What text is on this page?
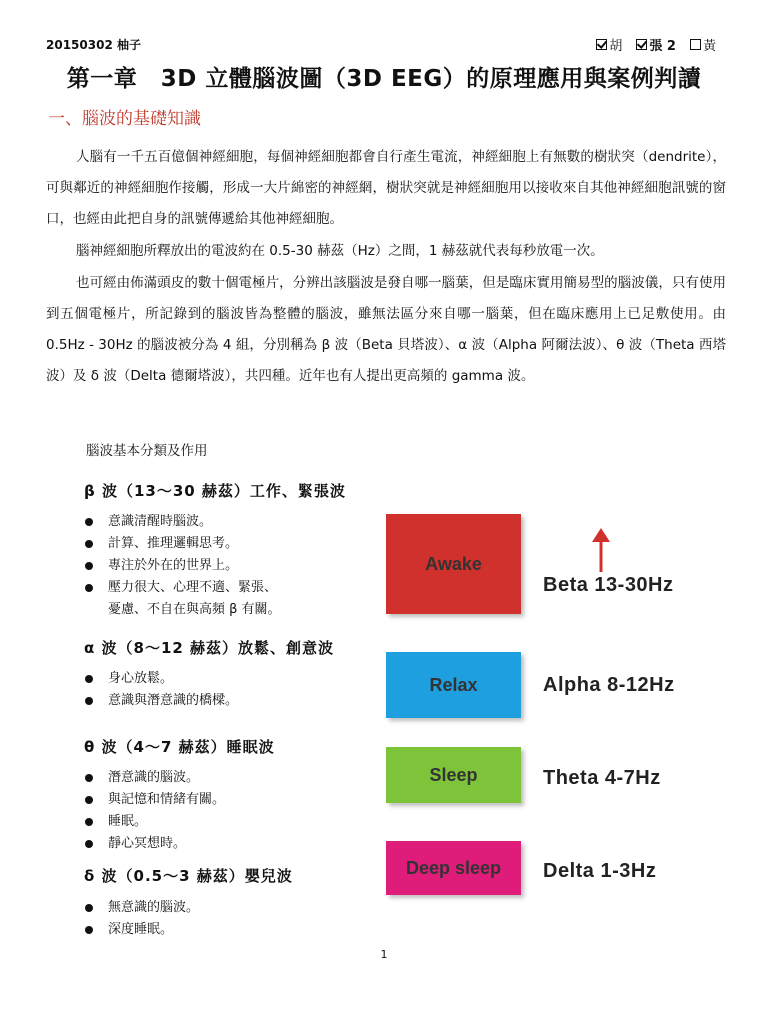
20150302 柚子	胡 張 2 黃
第一章　3D 立體腦波圖（3D EEG）的原理應用與案例判讀
一、腦波的基礎知識
人腦有一千五百億個神經細胞，每個神經細胞都會自行產生電流，神經細胞上有無數的樹狀突（dendrite），可與鄰近的神經細胞作接觸，形成一大片綿密的神經網，樹狀突就是神經細胞用以接收來自其他神經細胞訊號的窗口，也經由此把自身的訊號傳遞給其他神經細胞。
腦神經細胞所釋放出的電波約在 0.5-30 赫茲（Hz）之間，1 赫茲就代表每秒放電一次。
也可經由佈滿頭皮的數十個電極片，分辨出該腦波是發自哪一腦葉，但是臨床實用簡易型的腦波儀，只有使用到五個電極片，所記錄到的腦波皆為整體的腦波，雖無法區分來自哪一腦葉，但在臨床應用上已足敷使用。由 0.5Hz - 30Hz 的腦波被分為 4 組，分別稱為 β 波（Beta 貝塔波）、α 波（Alpha 阿爾法波）、θ 波（Theta 西塔波）及 δ 波（Delta 德爾塔波），共四種。近年也有人提出更高頻的 gamma 波。
腦波基本分類及作用
β 波（13～30 赫茲）工作、緊張波
意識清醒時腦波。
計算、推理邏輯思考。
專注於外在的世界上。
壓力很大、心理不適、緊張、
憂慮、不自在與高頻 β 有關。
α 波（8～12 赫茲）放鬆、創意波
身心放鬆。
意識與潛意識的橋樑。
θ 波（4～7 赫茲）睡眠波
潛意識的腦波。
與記憶和情緒有關。
睡眠。
靜心冥想時。
δ 波（0.5～3 赫茲）嬰兒波
無意識的腦波。
深度睡眠。
Awake
Beta 13-30Hz
Relax	Alpha 8-12Hz
Sleep	Theta 4-7Hz
Deep sleep Delta 1-3Hz
1
